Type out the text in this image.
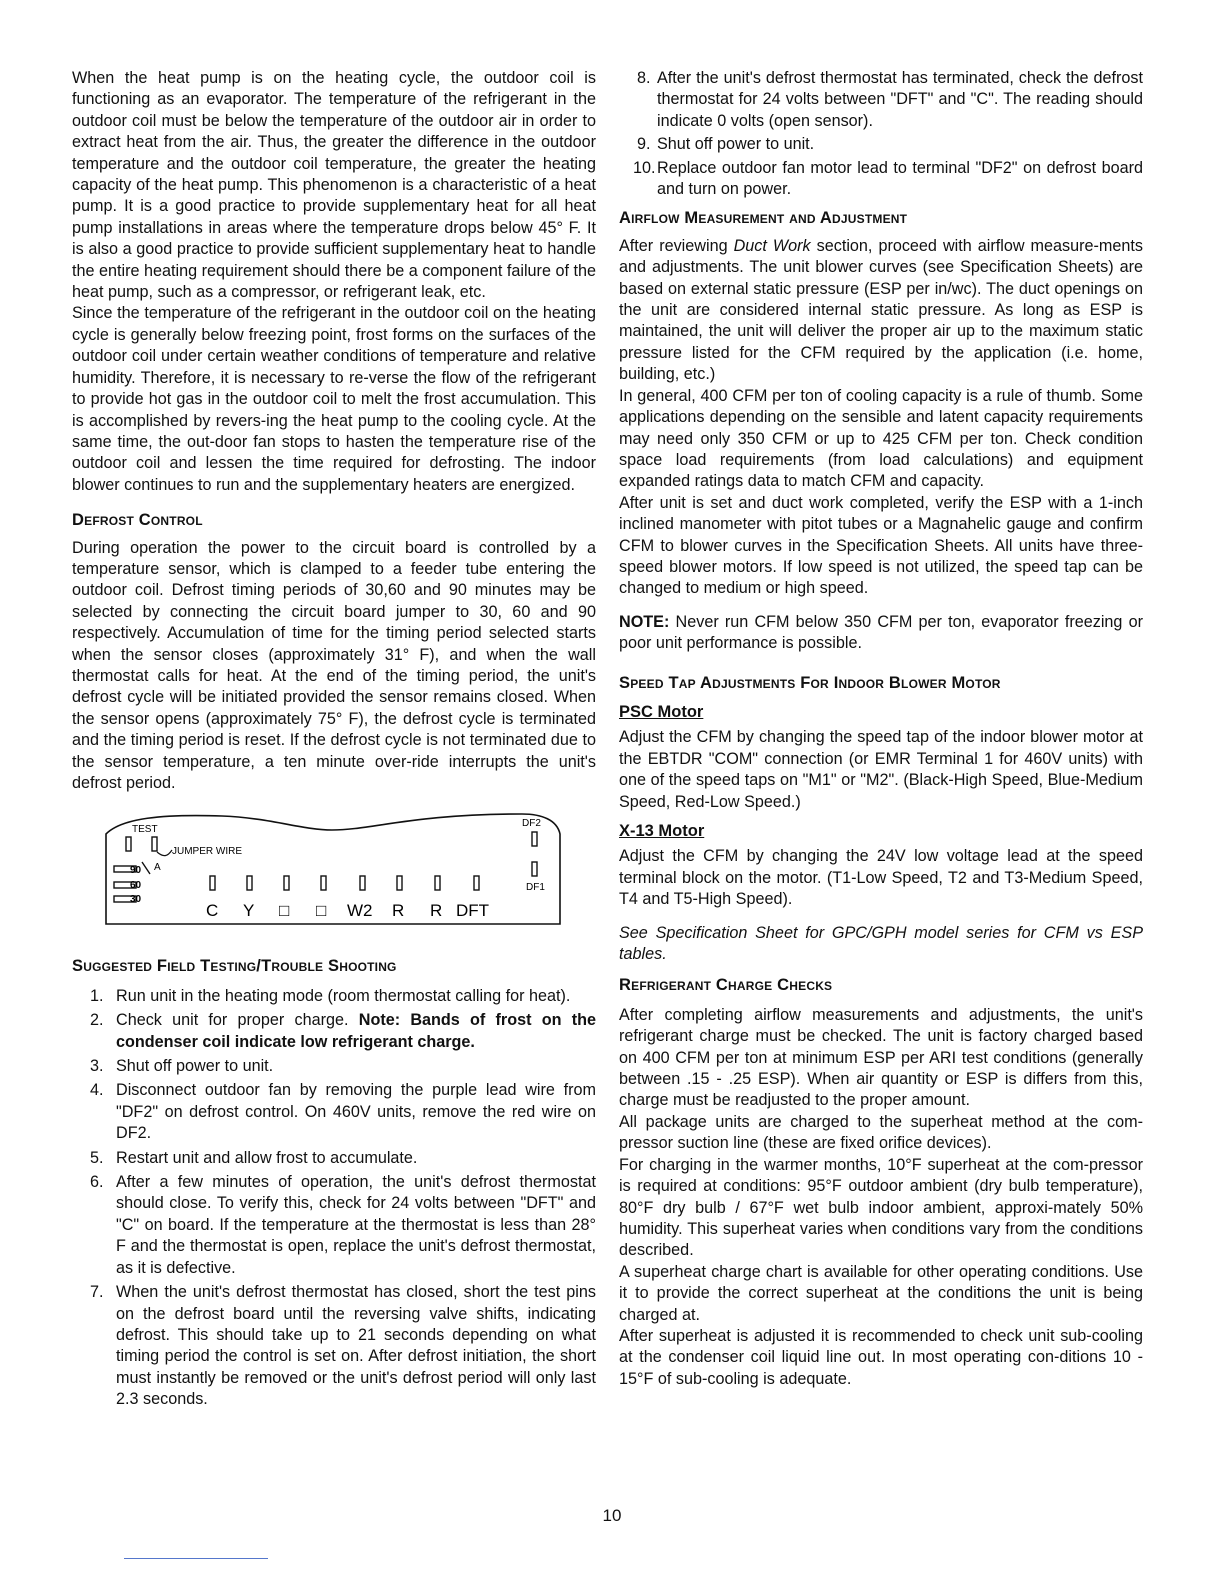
When the heat pump is on the heating cycle, the outdoor coil is functioning as an evaporator. The temperature of the refrigerant in the outdoor coil must be below the temperature of the outdoor air in order to extract heat from the air. Thus, the greater the difference in the outdoor temperature and the outdoor coil temperature, the greater the heating capacity of the heat pump. This phenomenon is a characteristic of a heat pump. It is a good practice to provide supplementary heat for all heat pump installations in areas where the temperature drops below 45° F. It is also a good practice to provide sufficient supplementary heat to handle the entire heating requirement should there be a component failure of the heat pump, such as a compressor, or refrigerant leak, etc.

Since the temperature of the refrigerant in the outdoor coil on the heating cycle is generally below freezing point, frost forms on the surfaces of the outdoor coil under certain weather conditions of temperature and relative humidity. Therefore, it is necessary to re-verse the flow of the refrigerant to provide hot gas in the outdoor coil to melt the frost accumulation. This is accomplished by revers-ing the heat pump to the cooling cycle. At the same time, the out-door fan stops to hasten the temperature rise of the outdoor coil and lessen the time required for defrosting. The indoor blower continues to run and the supplementary heaters are energized.

Defrost Control

During operation the power to the circuit board is controlled by a temperature sensor, which is clamped to a feeder tube entering the outdoor coil. Defrost timing periods of 30,60 and 90 minutes may be selected by connecting the circuit board jumper to 30, 60 and 90 respectively. Accumulation of time for the timing period selected starts when the sensor closes (approximately 31° F), and when the wall thermostat calls for heat. At the end of the timing period, the unit's defrost cycle will be initiated provided the sensor remains closed. When the sensor opens (approximately 75° F), the defrost cycle is terminated and the timing period is reset. If the defrost cycle is not terminated due to the sensor temperature, a ten minute over-ride interrupts the unit's defrost period.

TEST
JUMPER WIRE
90 A
60
30
C Y □ □ W2 R R DFT
DF2
DF1
Suggested Field Testing/Trouble Shooting
1. Run unit in the heating mode (room thermostat calling for heat).
2. Check unit for proper charge. Note: Bands of frost on the condenser coil indicate low refrigerant charge.
3. Shut off power to unit.
4. Disconnect outdoor fan by removing the purple lead wire from "DF2" on defrost control. On 460V units, remove the red wire on DF2.
5. Restart unit and allow frost to accumulate.
6. After a few minutes of operation, the unit's defrost thermostat should close. To verify this, check for 24 volts between "DFT" and "C" on board. If the temperature at the thermostat is less than 28° F and the thermostat is open, replace the unit's defrost thermostat, as it is defective.
7. When the unit's defrost thermostat has closed, short the test pins on the defrost board until the reversing valve shifts, indicating defrost. This should take up to 21 seconds depending on what timing period the control is set on. After defrost initiation, the short must instantly be removed or the unit's defrost period will only last 2.3 seconds.
8. After the unit's defrost thermostat has terminated, check the defrost thermostat for 24 volts between "DFT" and "C". The reading should indicate 0 volts (open sensor).
9. Shut off power to unit.
10. Replace outdoor fan motor lead to terminal "DF2" on defrost board and turn on power.
Airflow Measurement and Adjustment

After reviewing Duct Work section, proceed with airflow measure-ments and adjustments. The unit blower curves (see Specification Sheets) are based on external static pressure (ESP per in/wc). The duct openings on the unit are considered internal static pressure. As long as ESP is maintained, the unit will deliver the proper air up to the maximum static pressure listed for the CFM required by the application (i.e. home, building, etc.)

In general, 400 CFM per ton of cooling capacity is a rule of thumb. Some applications depending on the sensible and latent capacity requirements may need only 350 CFM or up to 425 CFM per ton. Check condition space load requirements (from load calculations) and equipment expanded ratings data to match CFM and capacity.

After unit is set and duct work completed, verify the ESP with a 1-inch inclined manometer with pitot tubes or a Magnahelic gauge and confirm CFM to blower curves in the Specification Sheets. All units have three-speed blower motors. If low speed is not utilized, the speed tap can be changed to medium or high speed.

NOTE: Never run CFM below 350 CFM per ton, evaporator freezing or poor unit performance is possible.

Speed Tap Adjustments For Indoor Blower Motor
PSC Motor

Adjust the CFM by changing the speed tap of the indoor blower motor at the EBTDR "COM" connection (or EMR Terminal 1 for 460V units) with one of the speed taps on "M1" or "M2". (Black-High Speed, Blue-Medium Speed, Red-Low Speed.)

X-13 Motor

Adjust the CFM by changing the 24V low voltage lead at the speed terminal block on the motor. (T1-Low Speed, T2 and T3-Medium Speed, T4 and T5-High Speed).

See Specification Sheet for GPC/GPH model series for CFM vs ESP tables.

Refrigerant Charge Checks

After completing airflow measurements and adjustments, the unit's refrigerant charge must be checked. The unit is factory charged based on 400 CFM per ton at minimum ESP per ARI test conditions (generally between .15 - .25 ESP). When air quantity or ESP is differs from this, charge must be readjusted to the proper amount.

All package units are charged to the superheat method at the com-pressor suction line (these are fixed orifice devices).

For charging in the warmer months, 10°F superheat at the com-pressor is required at conditions: 95°F outdoor ambient (dry bulb temperature), 80°F dry bulb / 67°F wet bulb indoor ambient, approxi-mately 50% humidity. This superheat varies when conditions vary from the conditions described.

A superheat charge chart is available for other operating conditions. Use it to provide the correct superheat at the conditions the unit is being charged at.

After superheat is adjusted it is recommended to check unit sub-cooling at the condenser coil liquid line out. In most operating con-ditions 10 - 15°F of sub-cooling is adequate.

10
